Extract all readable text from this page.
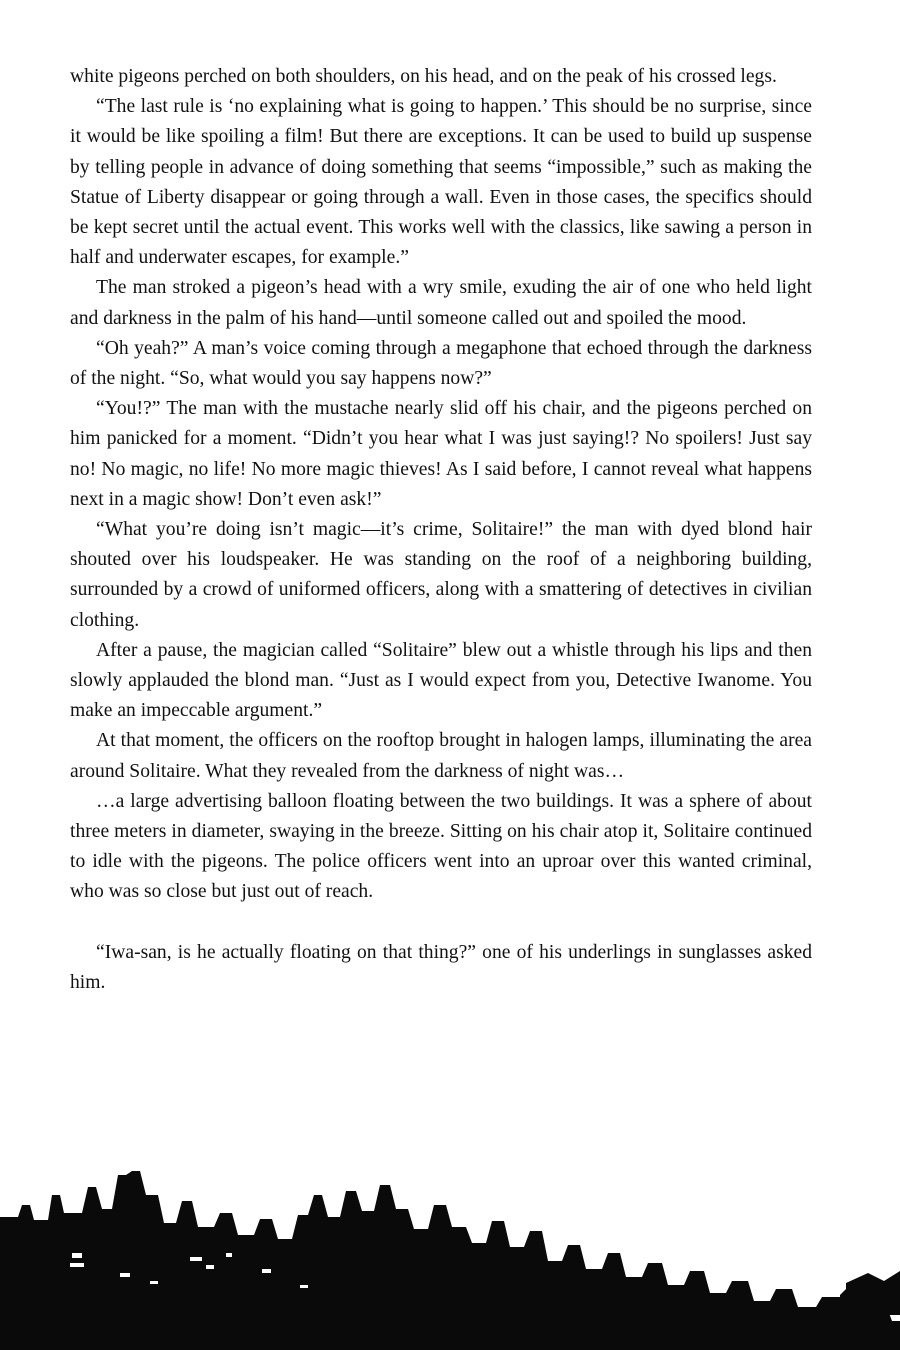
white pigeons perched on both shoulders, on his head, and on the peak of his crossed legs.

“The last rule is ‘no explaining what is going to happen.’ This should be no surprise, since it would be like spoiling a film! But there are exceptions. It can be used to build up suspense by telling people in advance of doing something that seems “impossible,” such as making the Statue of Liberty disappear or going through a wall. Even in those cases, the specifics should be kept secret until the actual event. This works well with the classics, like sawing a person in half and underwater escapes, for example.”

The man stroked a pigeon’s head with a wry smile, exuding the air of one who held light and darkness in the palm of his hand—until someone called out and spoiled the mood.

“Oh yeah?” A man’s voice coming through a megaphone that echoed through the darkness of the night. “So, what would you say happens now?”

“You!?” The man with the mustache nearly slid off his chair, and the pigeons perched on him panicked for a moment. “Didn’t you hear what I was just saying!? No spoilers! Just say no! No magic, no life! No more magic thieves! As I said before, I cannot reveal what happens next in a magic show! Don’t even ask!”

“What you’re doing isn’t magic—it’s crime, Solitaire!” the man with dyed blond hair shouted over his loudspeaker. He was standing on the roof of a neighboring building, surrounded by a crowd of uniformed officers, along with a smattering of detectives in civilian clothing.

After a pause, the magician called “Solitaire” blew out a whistle through his lips and then slowly applauded the blond man. “Just as I would expect from you, Detective Iwanome. You make an impeccable argument.”

At that moment, the officers on the rooftop brought in halogen lamps, illuminating the area around Solitaire. What they revealed from the darkness of night was…

…a large advertising balloon floating between the two buildings. It was a sphere of about three meters in diameter, swaying in the breeze. Sitting on his chair atop it, Solitaire continued to idle with the pigeons. The police officers went into an uproar over this wanted criminal, who was so close but just out of reach.

“Iwa-san, is he actually floating on that thing?” one of his underlings in sunglasses asked him.
